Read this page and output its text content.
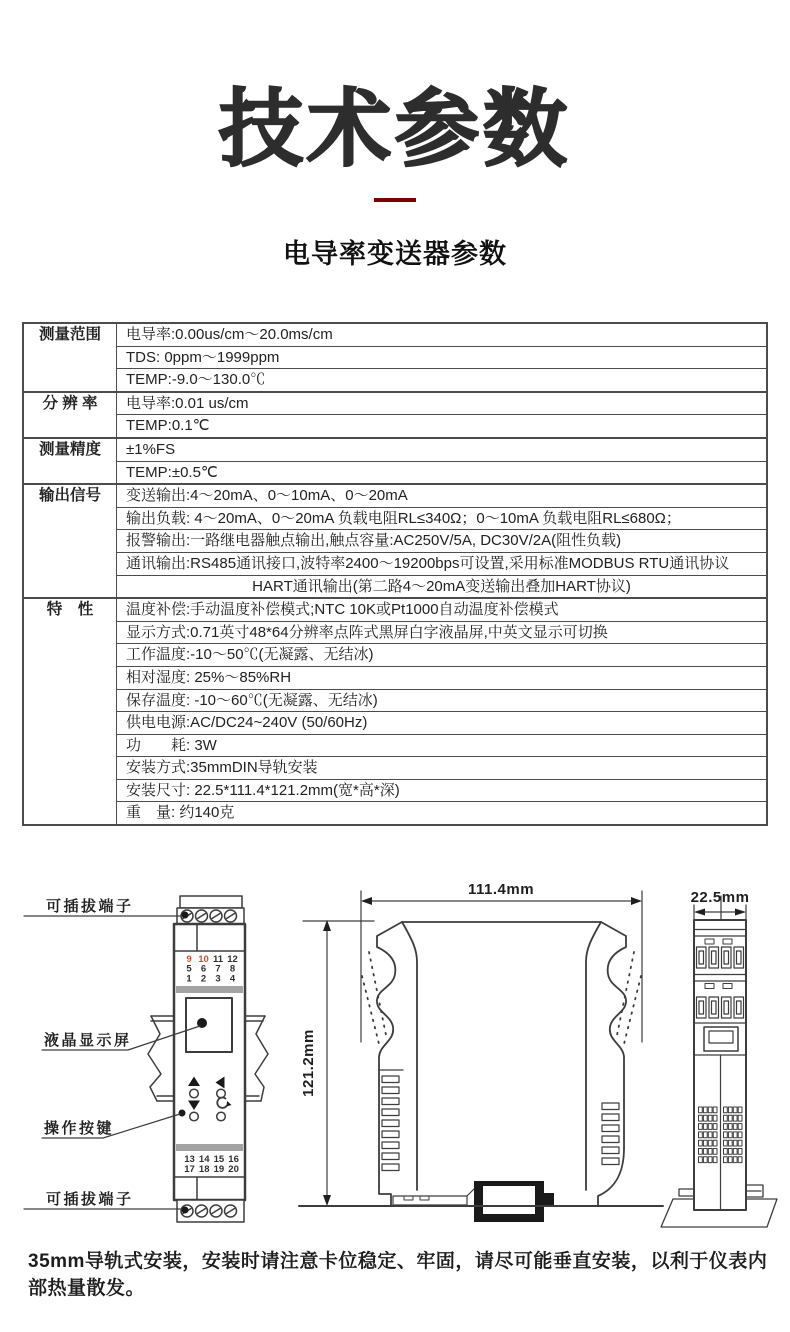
技术参数
电导率变送器参数
测量范围	电导率:0.00us/cm～20.0ms/cm
	TDS: 0ppm～1999ppm
	TEMP:-9.0～130.0℃
分 辨 率	电导率:0.01 us/cm
	TEMP:0.1℃
测量精度	±1%FS
	TEMP:±0.5℃
输出信号	变送输出:4～20mA、0～10mA、0～20mA
	输出负载: 4～20mA、0～20mA 负载电阻RL≤340Ω；0～10mA 负载电阻RL≤680Ω；
	报警输出:一路继电器触点输出,触点容量:AC250V/5A, DC30V/2A(阻性负载)
	通讯输出:RS485通讯接口,波特率2400～19200bps可设置,采用标准MODBUS RTU通讯协议
	HART通讯输出(第二路4～20mA变送输出叠加HART协议)
特　性	温度补偿:手动温度补偿模式;NTC 10K或Pt1000自动温度补偿模式
	显示方式:0.71英寸48*64分辨率点阵式黑屏白字液晶屏,中英文显示可切换
	工作温度:-10～50℃(无凝露、无结冰)
	相对湿度: 25%～85%RH
	保存温度: -10～60℃(无凝露、无结冰)
	供电电源:AC/DC24~240V (50/60Hz)
	功　　耗: 3W
	安装方式:35mmDIN导轨安装
	安装尺寸: 22.5*111.4*121.2mm(宽*高*深)
	重　量: 约140克
9 10 11 12
5 6 7 8
1 2 3 4
13 14 15 16
17 18 19 20
可插拔端子
液晶显示屏
操作按键
可插拔端子
111.4mm
121.2mm
22.5mm

35mm导轨式安装，安装时请注意卡位稳定、牢固，请尽可能垂直安装，以利于仪表内部热量散发。
